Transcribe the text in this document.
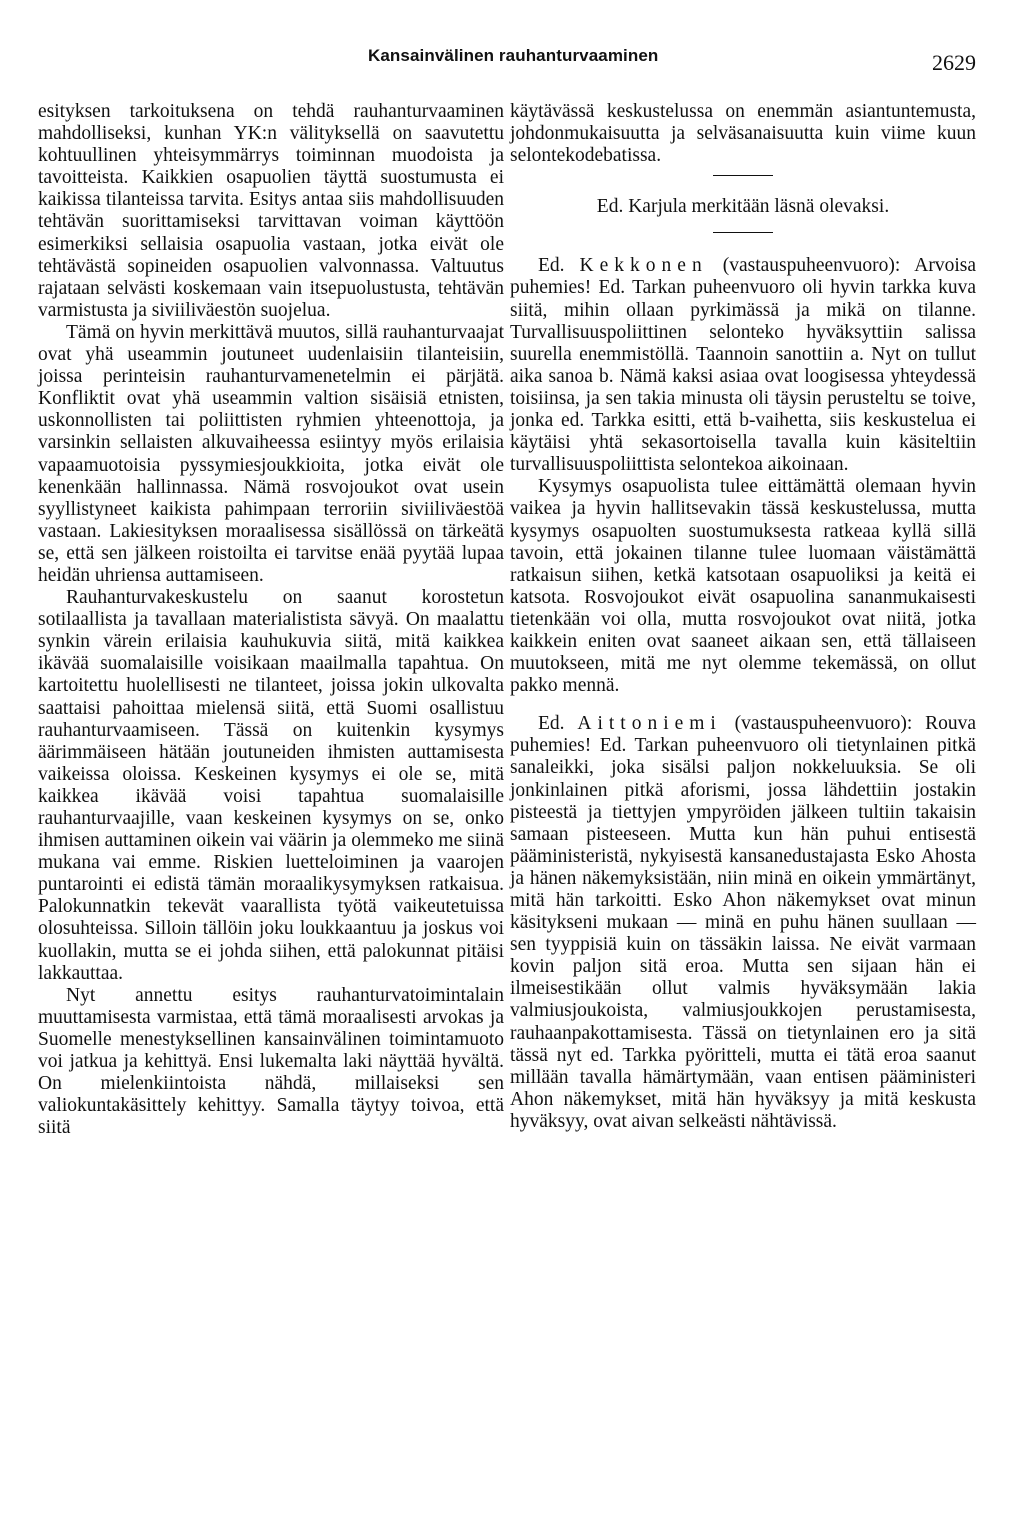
Kansainvälinen rauhanturvaaminen	2629

esityksen tarkoituksena on tehdä rauhanturvaaminen mahdolliseksi, kunhan YK:n välityksellä on saavutettu kohtuullinen yhteisymmärrys toiminnan muodoista ja tavoitteista. Kaikkien osapuolien täyttä suostumusta ei kaikissa tilanteissa tarvita. Esitys antaa siis mahdollisuuden tehtävän suorittamiseksi tarvittavan voiman käyttöön esimerkiksi sellaisia osapuolia vastaan, jotka eivät ole tehtävästä sopineiden osapuolien valvonnassa. Valtuutus rajataan selvästi koskemaan vain itsepuolustusta, tehtävän varmistusta ja siviiliväestön suojelua.

Tämä on hyvin merkittävä muutos, sillä rauhanturvaajat ovat yhä useammin joutuneet uudenlaisiin tilanteisiin, joissa perinteisin rauhanturvamenetelmin ei pärjätä. Konfliktit ovat yhä useammin valtion sisäisiä etnisten, uskonnollisten tai poliittisten ryhmien yhteenottoja, ja varsinkin sellaisten alkuvaiheessa esiintyy myös erilaisia vapaamuotoisia pyssymiesjoukkioita, jotka eivät ole kenenkään hallinnassa. Nämä rosvojoukot ovat usein syyllistyneet kaikista pahimpaan terroriin siviiliväestöä vastaan. Lakiesityksen moraalisessa sisällössä on tärkeätä se, että sen jälkeen roistoilta ei tarvitse enää pyytää lupaa heidän uhriensa auttamiseen.

Rauhanturvakeskustelu on saanut korostetun sotilaallista ja tavallaan materialistista sävyä. On maalattu synkin värein erilaisia kauhukuvia siitä, mitä kaikkea ikävää suomalaisille voisikaan maailmalla tapahtua. On kartoitettu huolellisesti ne tilanteet, joissa jokin ulkovalta saattaisi pahoittaa mielensä siitä, että Suomi osallistuu rauhanturvaamiseen. Tässä on kuitenkin kysymys äärimmäiseen hätään joutuneiden ihmisten auttamisesta vaikeissa oloissa. Keskeinen kysymys ei ole se, mitä kaikkea ikävää voisi tapahtua suomalaisille rauhanturvaajille, vaan keskeinen kysymys on se, onko ihmisen auttaminen oikein vai väärin ja olemmeko me siinä mukana vai emme. Riskien luetteloiminen ja vaarojen puntarointi ei edistä tämän moraalikysymyksen ratkaisua. Palokunnatkin tekevät vaarallista työtä vaikeutetuissa olosuhteissa. Silloin tällöin joku loukkaantuu ja joskus voi kuollakin, mutta se ei johda siihen, että palokunnat pitäisi lakkauttaa.

Nyt annettu esitys rauhanturvatoimintalain muuttamisesta varmistaa, että tämä moraalisesti arvokas ja Suomelle menestyksellinen kansainvälinen toimintamuoto voi jatkua ja kehittyä. Ensi lukemalta laki näyttää hyvältä. On mielenkiintoista nähdä, millaiseksi sen valiokuntakäsittely kehittyy. Samalla täytyy toivoa, että siitä

käytävässä keskustelussa on enemmän asiantuntemusta, johdonmukaisuutta ja selväsanaisuutta kuin viime kuun selontekodebatissa.

Ed. Karjula merkitään läsnä olevaksi.

Ed. Kekkonen (vastauspuheenvuoro): Arvoisa puhemies! Ed. Tarkan puheenvuoro oli hyvin tarkka kuva siitä, mihin ollaan pyrkimässä ja mikä on tilanne. Turvallisuuspoliittinen selonteko hyväksyttiin salissa suurella enemmistöllä. Taannoin sanottiin a. Nyt on tullut aika sanoa b. Nämä kaksi asiaa ovat loogisessa yhteydessä toisiinsa, ja sen takia minusta oli täysin perusteltu se toive, jonka ed. Tarkka esitti, että b-vaihetta, siis keskustelua ei käytäisi yhtä sekasortoisella tavalla kuin käsiteltiin turvallisuuspoliittista selontekoa aikoinaan.

Kysymys osapuolista tulee eittämättä olemaan hyvin vaikea ja hyvin hallitsevakin tässä keskustelussa, mutta kysymys osapuolten suostumuksesta ratkeaa kyllä sillä tavoin, että jokainen tilanne tulee luomaan väistämättä ratkaisun siihen, ketkä katsotaan osapuoliksi ja keitä ei katsota. Rosvojoukot eivät osapuolina sananmukaisesti tietenkään voi olla, mutta rosvojoukot ovat niitä, jotka kaikkein eniten ovat saaneet aikaan sen, että tällaiseen muutokseen, mitä me nyt olemme tekemässä, on ollut pakko mennä.

Ed. Aittoniemi (vastauspuheenvuoro): Rouva puhemies! Ed. Tarkan puheenvuoro oli tietynlainen pitkä sanaleikki, joka sisälsi paljon nokkeluuksia. Se oli jonkinlainen pitkä aforismi, jossa lähdettiin jostakin pisteestä ja tiettyjen ympyröiden jälkeen tultiin takaisin samaan pisteeseen. Mutta kun hän puhui entisestä pääministeristä, nykyisestä kansanedustajasta Esko Ahosta ja hänen näkemyksistään, niin minä en oikein ymmärtänyt, mitä hän tarkoitti. Esko Ahon näkemykset ovat minun käsitykseni mukaan — minä en puhu hänen suullaan — sen tyyppisiä kuin on tässäkin laissa. Ne eivät varmaan kovin paljon sitä eroa. Mutta sen sijaan hän ei ilmeisestikään ollut valmis hyväksymään lakia valmiusjoukoista, valmiusjoukkojen perustamisesta, rauhaanpakottamisesta. Tässä on tietynlainen ero ja sitä tässä nyt ed. Tarkka pyöritteli, mutta ei tätä eroa saanut millään tavalla hämärtymään, vaan entisen pääministeri Ahon näkemykset, mitä hän hyväksyy ja mitä keskusta hyväksyy, ovat aivan selkeästi nähtävissä.
